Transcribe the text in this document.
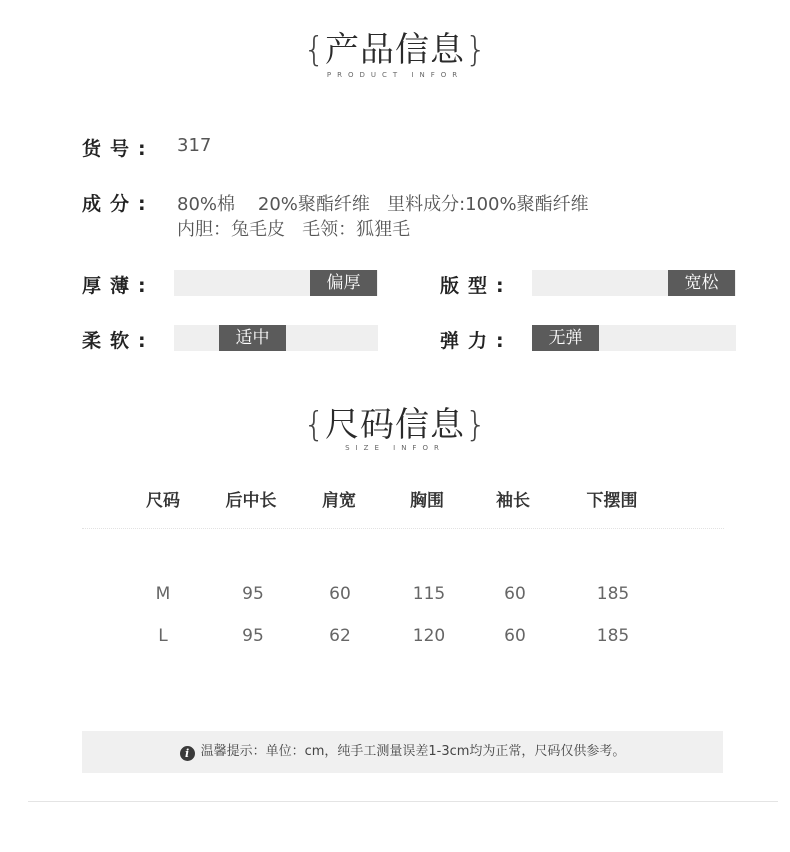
{产品信息}
PRODUCT INFOR
货号: 317
成分: 80%棉    20%聚酯纤维   里料成分:100%聚酯纤维
内胆：兔毛皮   毛领：狐狸毛
厚薄:	偏厚	版型:	宽松
柔软:	适中	弹力:	无弹
{尺码信息}
SIZE INFOR
尺码	后中长	肩宽	胸围	袖长	下摆围
M	95	60	115	60	185
L	95	62	120	60	185
i 温馨提示：单位：cm，纯手工测量误差1-3cm均为正常，尺码仅供参考。
